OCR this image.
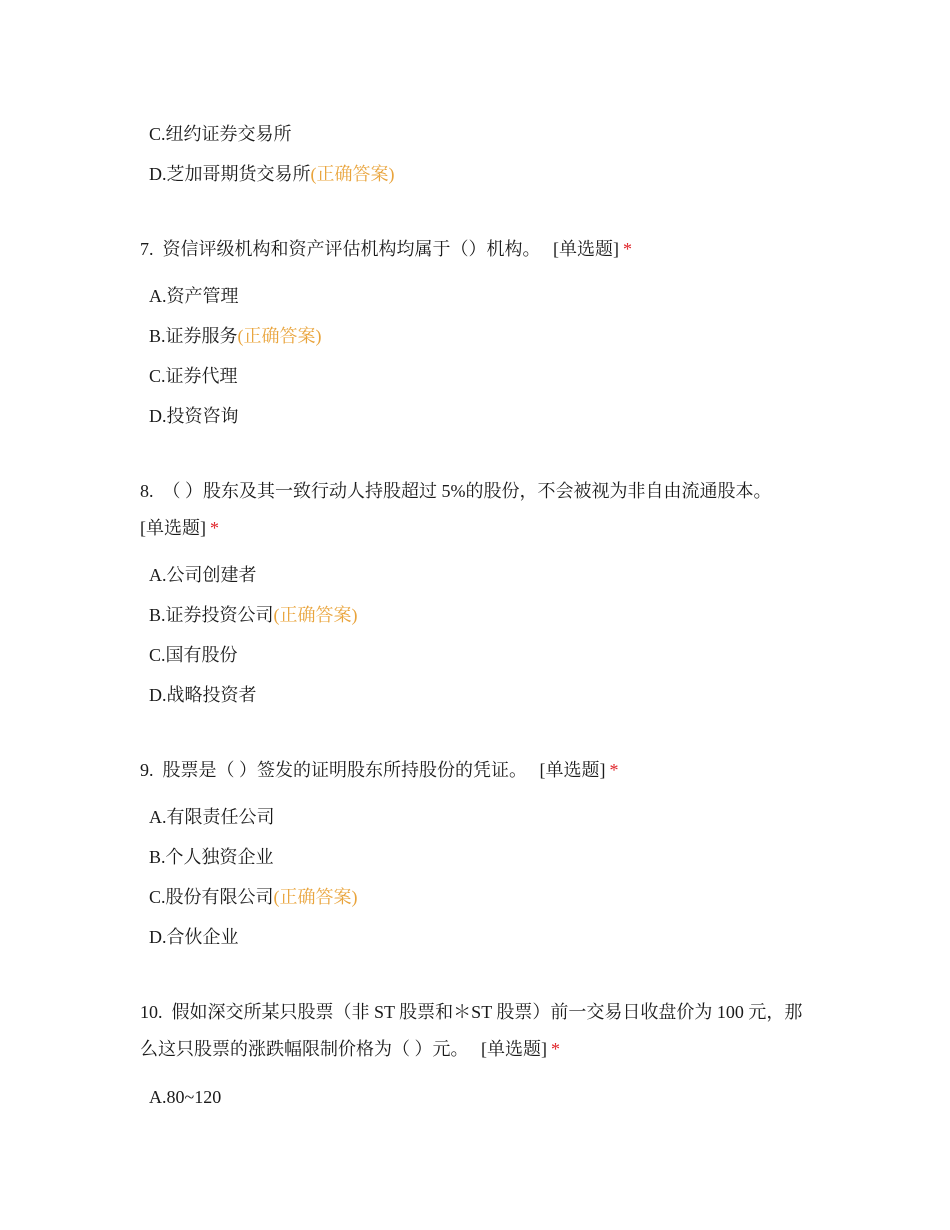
C.纽约证券交易所
D.芝加哥期货交易所(正确答案)
7. 资信评级机构和资产评估机构均属于（）机构。 [单选题] *
A.资产管理
B.证券服务(正确答案)
C.证券代理
D.投资咨询
8. （ ）股东及其一致行动人持股超过 5%的股份，不会被视为非自由流通股本。
[单选题] *
A.公司创建者
B.证券投资公司(正确答案)
C.国有股份
D.战略投资者
9. 股票是（ ）签发的证明股东所持股份的凭证。 [单选题] *
A.有限责任公司
B.个人独资企业
C.股份有限公司(正确答案)
D.合伙企业
10. 假如深交所某只股票（非 ST 股票和＊ST 股票）前一交易日收盘价为 100 元，那么这只股票的涨跌幅限制价格为（ ）元。 [单选题] *
A.80~120
